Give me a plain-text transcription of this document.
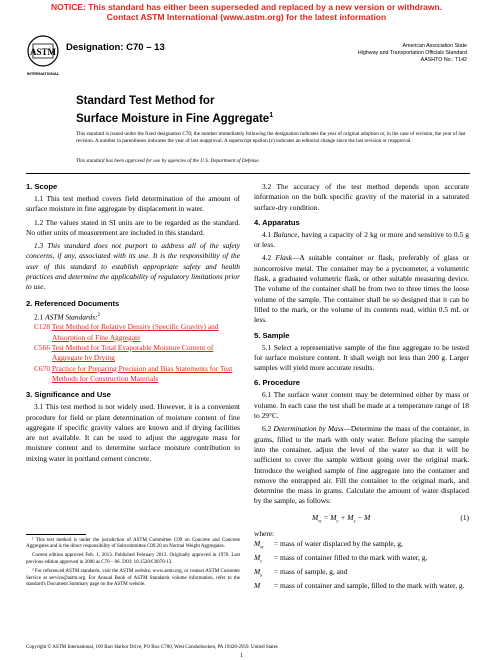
NOTICE: This standard has either been superseded and replaced by a new version or withdrawn.
Contact ASTM International (www.astm.org) for the latest information
ASTM
INTERNATIONAL
Designation: C70 – 13	American Association State
Highway and Transportation Officials Standard
AASHTO No.: T142
Standard Test Method for
Surface Moisture in Fine Aggregate$^1$
This standard is issued under the fixed designation C70; the number immediately following the designation indicates the year of original adoption or, in the case of revision, the year of last revision. A number in parentheses indicates the year of last reapproval. A superscript epsilon (ε) indicates an editorial change since the last revision or reapproval.
This standard has been approved for use by agencies of the U.S. Department of Defense.
1. Scope

1.1 This test method covers field determination of the amount of surface moisture in fine aggregate by displacement in water.

1.2 The values stated in SI units are to be regarded as the standard. No other units of measurement are included in this standard.

1.3 This standard does not purport to address all of the safety concerns, if any, associated with its use. It is the responsibility of the user of this standard to establish appropriate safety and health practices and determine the applicability of regulatory limitations prior to use.

2. Referenced Documents

2.1 ASTM Standards:$^2$

C128 Test Method for Relative Density (Specific Gravity) and Absorption of Fine Aggregate
C566 Test Method for Total Evaporable Moisture Content of Aggregate by Drying
C670 Practice for Preparing Precision and Bias Statements for Test Methods for Construction Materials
3. Significance and Use

3.1 This test method is not widely used. However, it is a convenient procedure for field or plant determination of moisture content of fine aggregate if specific gravity values are known and if drying facilities are not available. It can be used to adjust the aggregate mass for moisture content and to determine surface moisture contribution to mixing water in portland cement concrete.

¹ This test method is under the jurisdiction of ASTM Committee C09 on Concrete and Concrete Aggregates and is the direct responsibility of Subcommittee C09.20 on Normal Weight Aggregates.

Current edition approved Feb. 1, 2013. Published February 2013. Originally approved in 1970. Last previous edition approved in 2006 as C70 – 06. DOI: 10.1520/C0070-13.

² For referenced ASTM standards, visit the ASTM website, www.astm.org, or contact ASTM Customer Service at service@astm.org. For Annual Book of ASTM Standards volume information, refer to the standard's Document Summary page on the ASTM website.

3.2 The accuracy of the test method depends upon accurate information on the bulk specific gravity of the material in a saturated surface-dry condition.

4. Apparatus

4.1 Balance, having a capacity of 2 kg or more and sensitive to 0.5 g or less.

4.2 Flask—A suitable container or flask, preferably of glass or noncorrosive metal. The container may be a pycnometer, a volumetric flask, a graduated volumetric flask, or other suitable measuring device. The volume of the container shall be from two to three times the loose volume of the sample. The container shall be so designed that it can be filled to the mark, or the volume of its contents read, within 0.5 mL or less.

5. Sample

5.1 Select a representative sample of the fine aggregate to be tested for surface moisture content. It shall weigh not less than 200 g. Larger samples will yield more accurate results.

6. Procedure

6.1 The surface water content may be determined either by mass or volume. In each case the test shall be made at a temperature range of 18 to 29°C.

6.2 Determination by Mass—Determine the mass of the container, in grams, filled to the mark with only water. Before placing the sample into the container, adjust the level of the water so that it will be sufficient to cover the sample without going over the original mark. Introduce the weighed sample of fine aggregate into the container and remove the entrapped air. Fill the container to the original mark, and determine the mass in grams. Calculate the amount of water displaced by the sample, as follows:

$M_w = M_c + M_s - M$	(1)
where:
$M_w$	= mass of water displaced by the sample, g,
$M_c$	= mass of container filled to the mark with water, g,
$M_s$	= mass of sample, g, and
M	= mass of container and sample, filled to the mark with water, g.
Copyright © ASTM International, 100 Barr Harbor Drive, PO Box C700, West Conshohocken, PA 19428-2959. United States
1
